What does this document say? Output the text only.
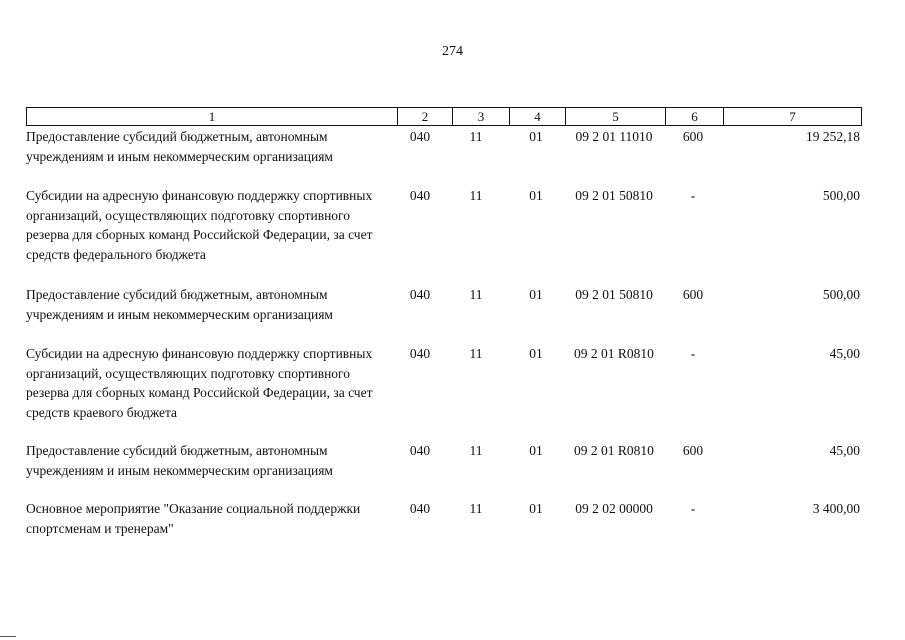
274
1	2	3	4	5	6	7
Предоставление субсидий бюджетным, автономным учреждениям и иным некоммерческим организациям
040	11	01	09 2 01 11010	600	19 252,18
Субсидии на адресную финансовую поддержку спортивных организаций, осуществляющих подготовку спортивного резерва для сборных команд Российской Федерации, за счет средств федерального бюджета
040	11	01	09 2 01 50810	-	500,00
Предоставление субсидий бюджетным, автономным учреждениям и иным некоммерческим организациям
040	11	01	09 2 01 50810	600	500,00
Субсидии на адресную финансовую поддержку спортивных организаций, осуществляющих подготовку спортивного резерва для сборных команд Российской Федерации, за счет средств краевого бюджета
040	11	01	09 2 01 R0810	-	45,00
Предоставление субсидий бюджетным, автономным учреждениям и иным некоммерческим организациям
040	11	01	09 2 01 R0810	600	45,00
Основное мероприятие "Оказание социальной поддержки спортсменам и тренерам"
040	11	01	09 2 02 00000	-	3 400,00
